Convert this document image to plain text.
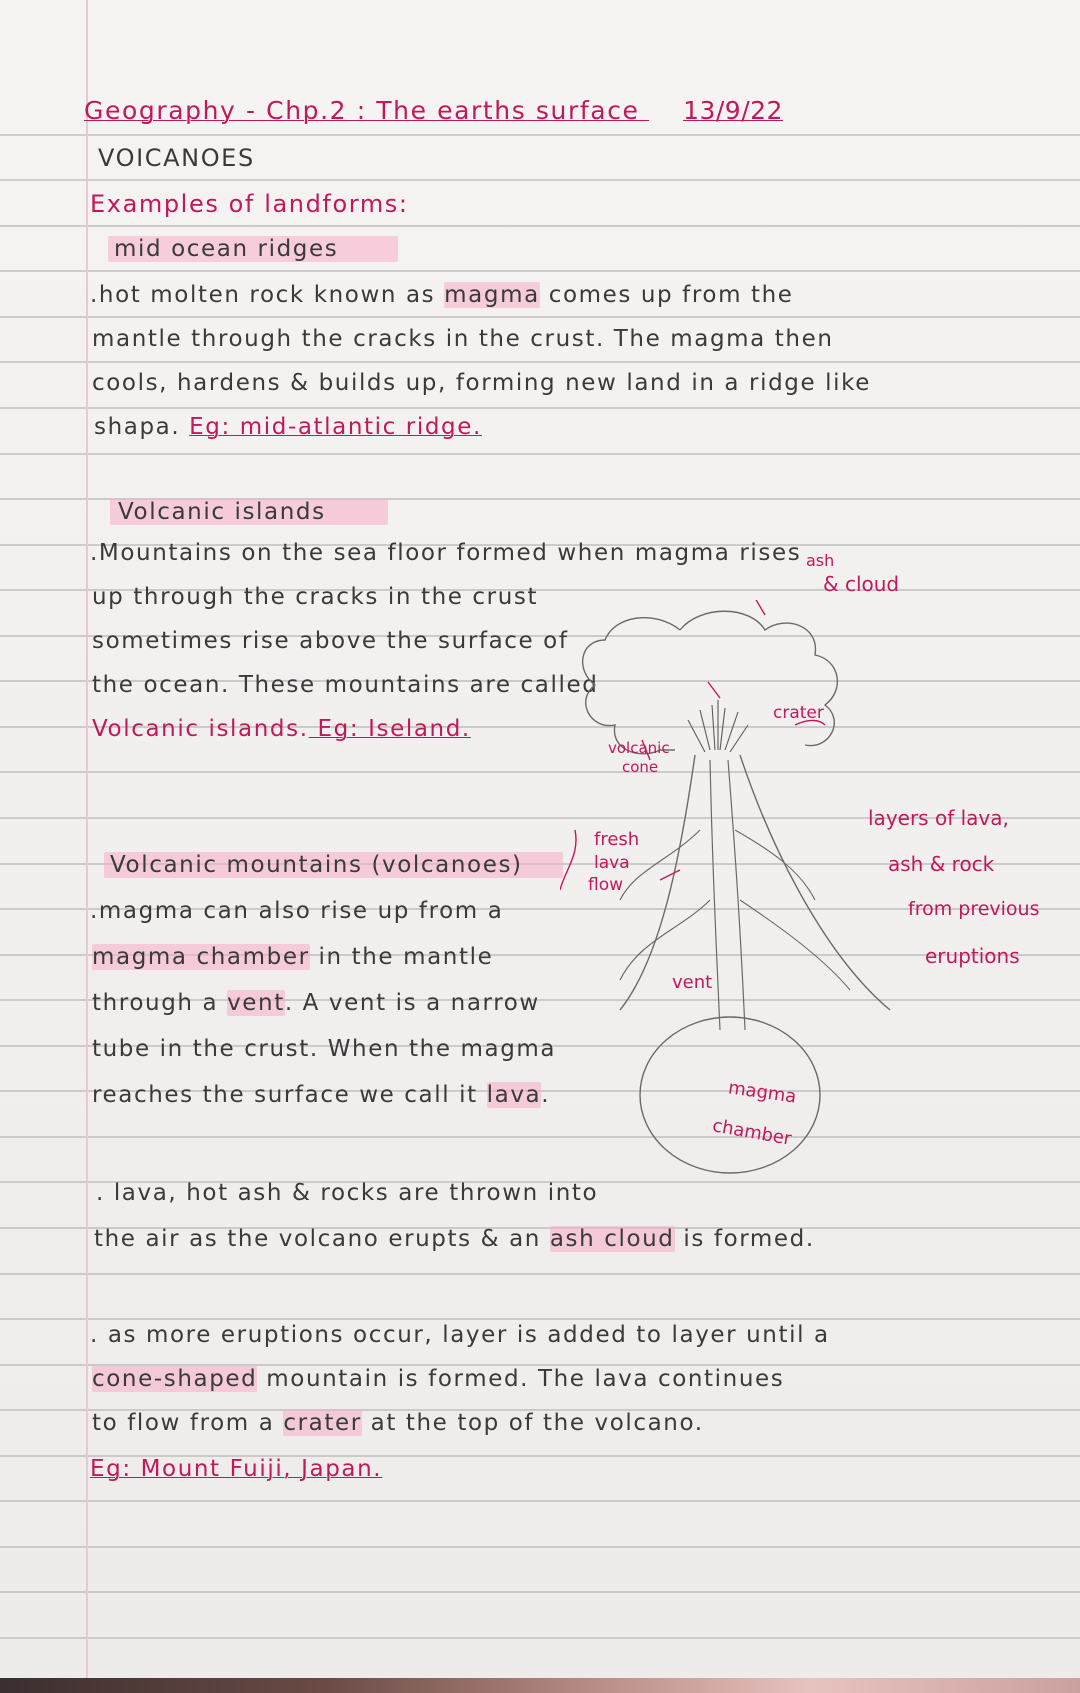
Geography - Chp.2 : The earths surface 13/9/22
VOICANOES
Examples of landforms:
mid ocean ridges
.hot molten rock known as magma comes up from the
mantle through the cracks in the crust. The magma then
cools, hardens & builds up, forming new land in a ridge like
shapa. Eg: mid-atlantic ridge.
Volcanic islands
.Mountains on the sea floor formed when magma rises
up through the cracks in the crust
sometimes rise above the surface of
the ocean. These mountains are called
Volcanic islands. Eg: Iseland.
Volcanic mountains (volcanoes)
.magma can also rise up from a
magma chamber in the mantle
through a vent. A vent is a narrow
tube in the crust. When the magma
reaches the surface we call it lava.
. lava, hot ash & rocks are thrown into
the air as the volcano erupts & an ash cloud is formed.
. as more eruptions occur, layer is added to layer until a
cone-shaped mountain is formed. The lava continues
to flow from a crater at the top of the volcano.
Eg: Mount Fuiji, Japan.
ash
& cloud
crater
volcanic
cone
fresh
lava
flow
layers of lava,
ash & rock
from previous
eruptions
vent
magma
chamber
